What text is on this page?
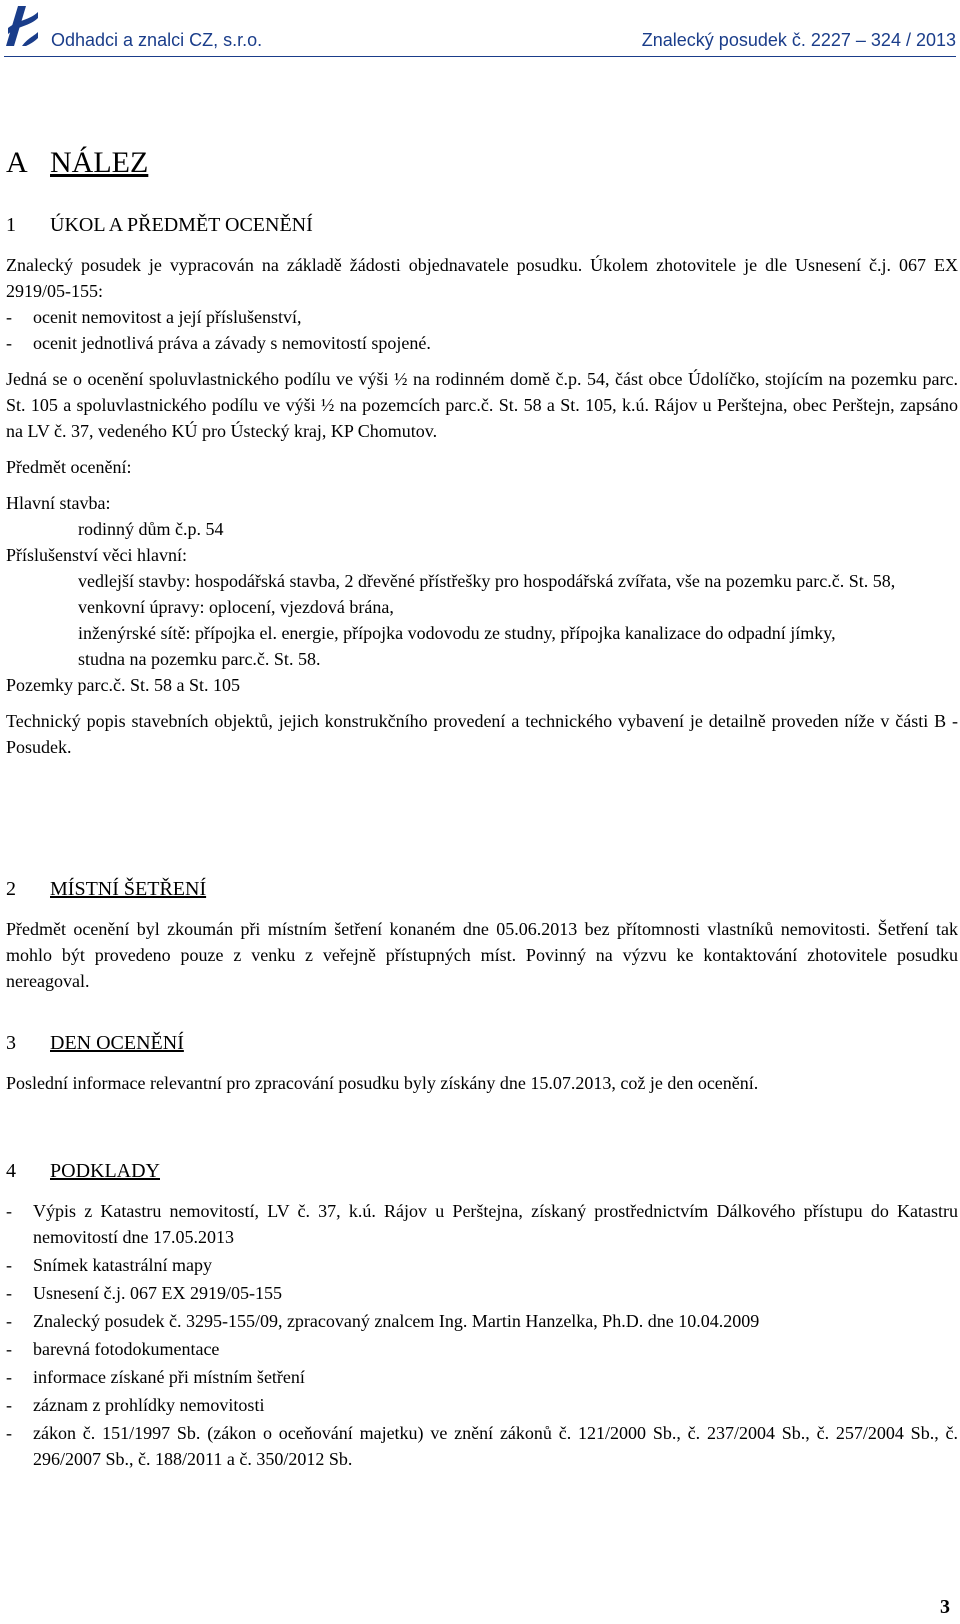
Odhadci a znalci CZ, s.r.o.	Znalecký posudek č. 2227 – 324 / 2013
A NÁLEZ
1 ÚKOL A PŘEDMĚT OCENĚNÍ

Znalecký posudek je vypracován na základě žádosti objednavatele posudku. Úkolem zhotovitele je dle Usnesení č.j. 067 EX 2919/05-155:

-	ocenit nemovitost a její příslušenství,
-	ocenit jednotlivá práva a závady s nemovitostí spojené.

Jedná se o ocenění spoluvlastnického podílu ve výši ½ na rodinném domě č.p. 54, část obce Údolíčko, stojícím na pozemku parc. St. 105 a spoluvlastnického podílu ve výši ½ na pozemcích parc.č. St. 58 a St. 105, k.ú. Rájov u Perštejna, obec Perštejn, zapsáno na LV č. 37, vedeného KÚ pro Ústecký kraj, KP Chomutov.

Předmět ocenění:

Hlavní stavba:

rodinný dům č.p. 54

Příslušenství věci hlavní:

vedlejší stavby: hospodářská stavba, 2 dřevěné přístřešky pro hospodářská zvířata, vše na pozemku parc.č. St. 58,

venkovní úpravy: oplocení, vjezdová brána,

inženýrské sítě: přípojka el. energie, přípojka vodovodu ze studny, přípojka kanalizace do odpadní jímky,

studna na pozemku parc.č. St. 58.

Pozemky parc.č. St. 58 a St. 105

Technický popis stavebních objektů, jejich konstrukčního provedení a technického vybavení je detailně proveden níže v části B - Posudek.

2 MÍSTNÍ ŠETŘENÍ

Předmět ocenění byl zkoumán při místním šetření konaném dne 05.06.2013 bez přítomnosti vlastníků nemovitosti. Šetření tak mohlo být provedeno pouze z venku z veřejně přístupných míst. Povinný na výzvu ke kontaktování zhotovitele posudku nereagoval.

3 DEN OCENĚNÍ

Poslední informace relevantní pro zpracování posudku byly získány dne 15.07.2013, což je den ocenění.

4 PODKLADY
-	Výpis z Katastru nemovitostí, LV č. 37, k.ú. Rájov u Perštejna, získaný prostřednictvím Dálkového přístupu do Katastru nemovitostí dne 17.05.2013
-	Snímek katastrální mapy
-	Usnesení č.j. 067 EX 2919/05-155
-	Znalecký posudek č. 3295-155/09, zpracovaný znalcem Ing. Martin Hanzelka, Ph.D. dne 10.04.2009
-	barevná fotodokumentace
-	informace získané při místním šetření
-	záznam z prohlídky nemovitosti
-	zákon č. 151/1997 Sb. (zákon o oceňování majetku) ve znění zákonů č. 121/2000 Sb., č. 237/2004 Sb., č. 257/2004 Sb., č. 296/2007 Sb., č. 188/2011 a č. 350/2012 Sb.
3
